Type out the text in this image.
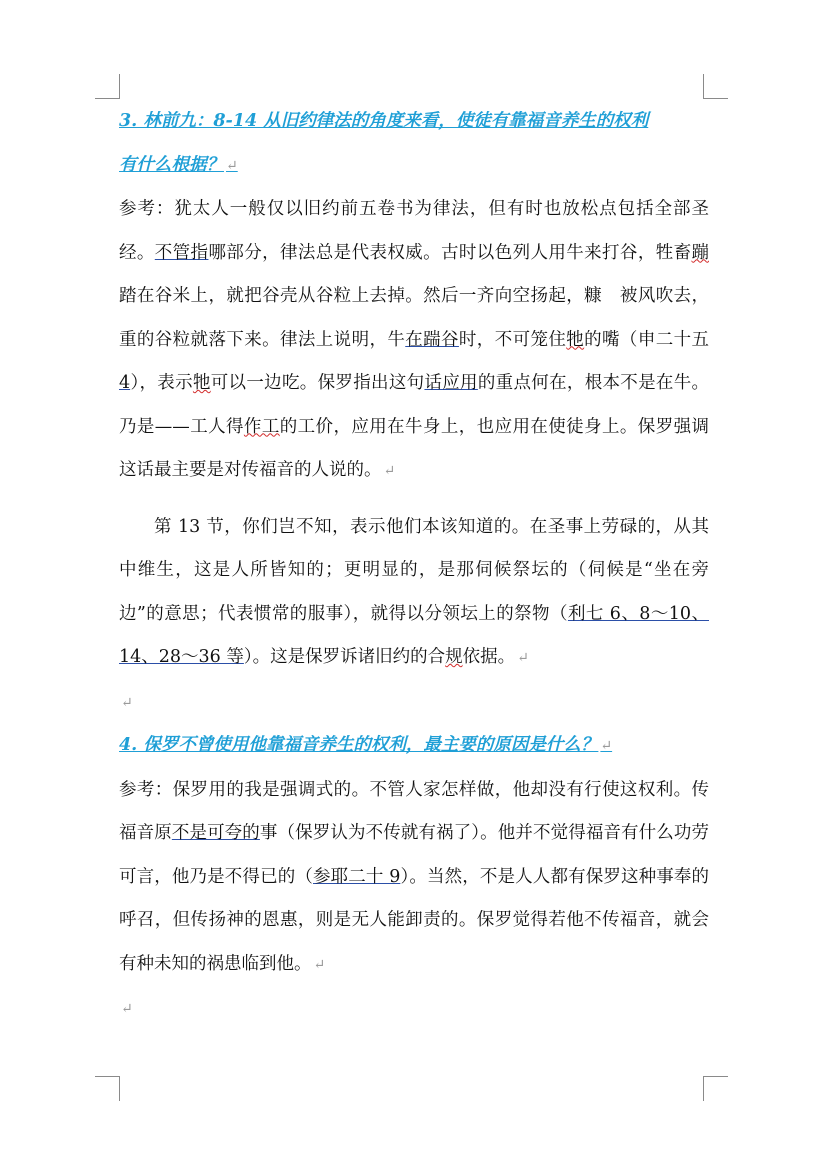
3. 林前九：8-14 从旧约律法的角度来看，使徒有靠福音养生的权利
有什么根据？ ↵

参考：犹太人一般仅以旧约前五卷书为律法，但有时也放松点包括全部圣经。不管指哪部分，律法总是代表权威。古时以色列人用牛来打谷，牲畜蹦踏在谷米上，就把谷壳从谷粒上去掉。然后一齐向空扬起，糠　被风吹去，重的谷粒就落下来。律法上说明，牛在踹谷时，不可笼住牠的嘴（申二十五4），表示牠可以一边吃。保罗指出这句话应用的重点何在，根本不是在牛。乃是——工人得作工的工价，应用在牛身上，也应用在使徒身上。保罗强调这话最主要是对传福音的人说的。 ↵

第 13 节，你们岂不知，表示他们本该知道的。在圣事上劳碌的，从其中维生，这是人所皆知的；更明显的，是那伺候祭坛的（伺候是“坐在旁边”的意思；代表惯常的服事），就得以分领坛上的祭物（利七 6、8～10、14、28～36 等）。这是保罗诉诸旧约的合规依据。 ↵

↵

4. 保罗不曾使用他靠福音养生的权利，最主要的原因是什么？ ↵

参考：保罗用的我是强调式的。不管人家怎样做，他却没有行使这权利。传福音原不是可夸的事（保罗认为不传就有祸了）。他并不觉得福音有什么功劳可言，他乃是不得已的（参耶二十 9）。当然，不是人人都有保罗这种事奉的呼召，但传扬神的恩惠，则是无人能卸责的。保罗觉得若他不传福音，就会有种未知的祸患临到他。 ↵

↵
